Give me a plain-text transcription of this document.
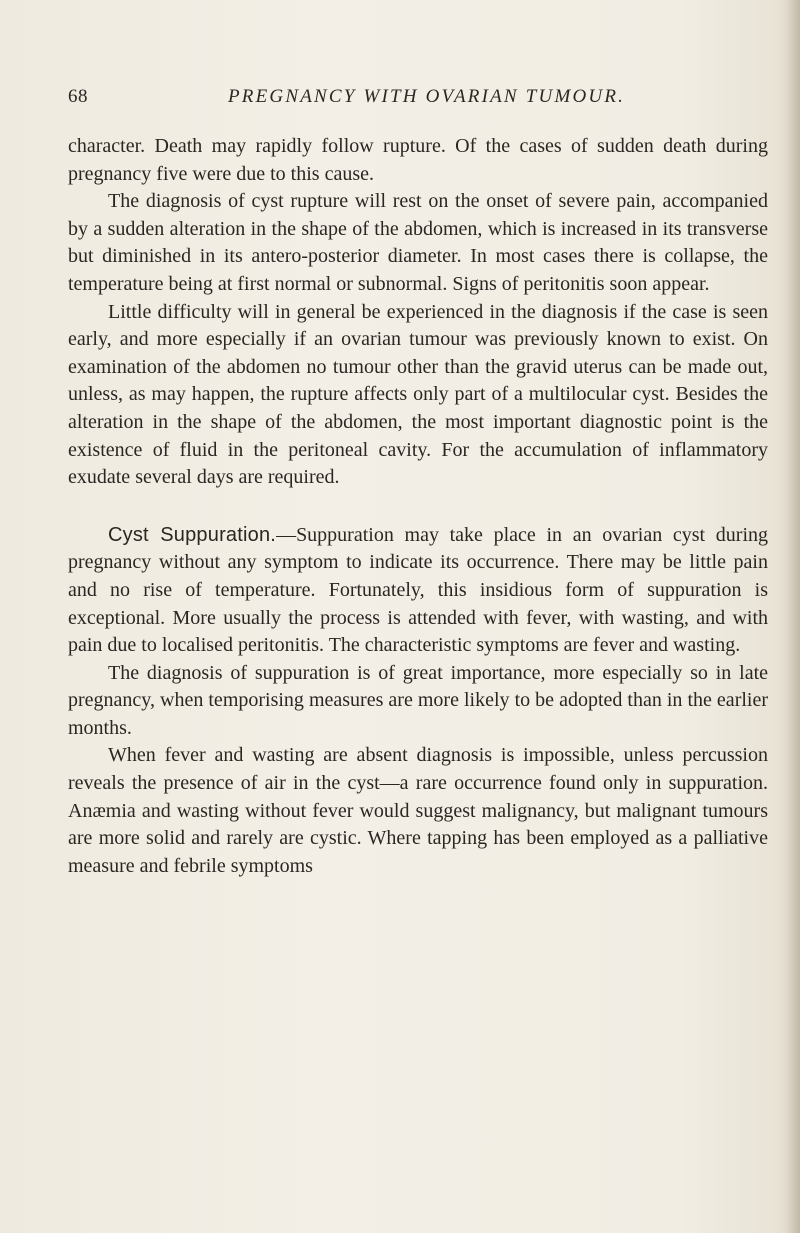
68	PREGNANCY WITH OVARIAN TUMOUR.

character. Death may rapidly follow rupture. Of the cases of sudden death during pregnancy five were due to this cause.

The diagnosis of cyst rupture will rest on the onset of severe pain, accompanied by a sudden alteration in the shape of the abdomen, which is increased in its transverse but diminished in its antero-posterior diameter. In most cases there is collapse, the temperature being at first normal or subnormal. Signs of peritonitis soon appear.

Little difficulty will in general be experienced in the diagnosis if the case is seen early, and more especially if an ovarian tumour was previously known to exist. On examination of the abdomen no tumour other than the gravid uterus can be made out, unless, as may happen, the rupture affects only part of a multilocular cyst. Besides the alteration in the shape of the abdomen, the most important diagnostic point is the existence of fluid in the peritoneal cavity. For the accumulation of inflammatory exudate several days are required.

Cyst Suppuration.—Suppuration may take place in an ovarian cyst during pregnancy without any symptom to indicate its occurrence. There may be little pain and no rise of temperature. Fortunately, this insidious form of suppuration is exceptional. More usually the process is attended with fever, with wasting, and with pain due to localised peritonitis. The characteristic symptoms are fever and wasting.

The diagnosis of suppuration is of great importance, more especially so in late pregnancy, when temporising measures are more likely to be adopted than in the earlier months.

When fever and wasting are absent diagnosis is impossible, unless percussion reveals the presence of air in the cyst—a rare occurrence found only in suppuration. Anæmia and wasting without fever would suggest malignancy, but malignant tumours are more solid and rarely are cystic. Where tapping has been employed as a palliative measure and febrile symptoms
